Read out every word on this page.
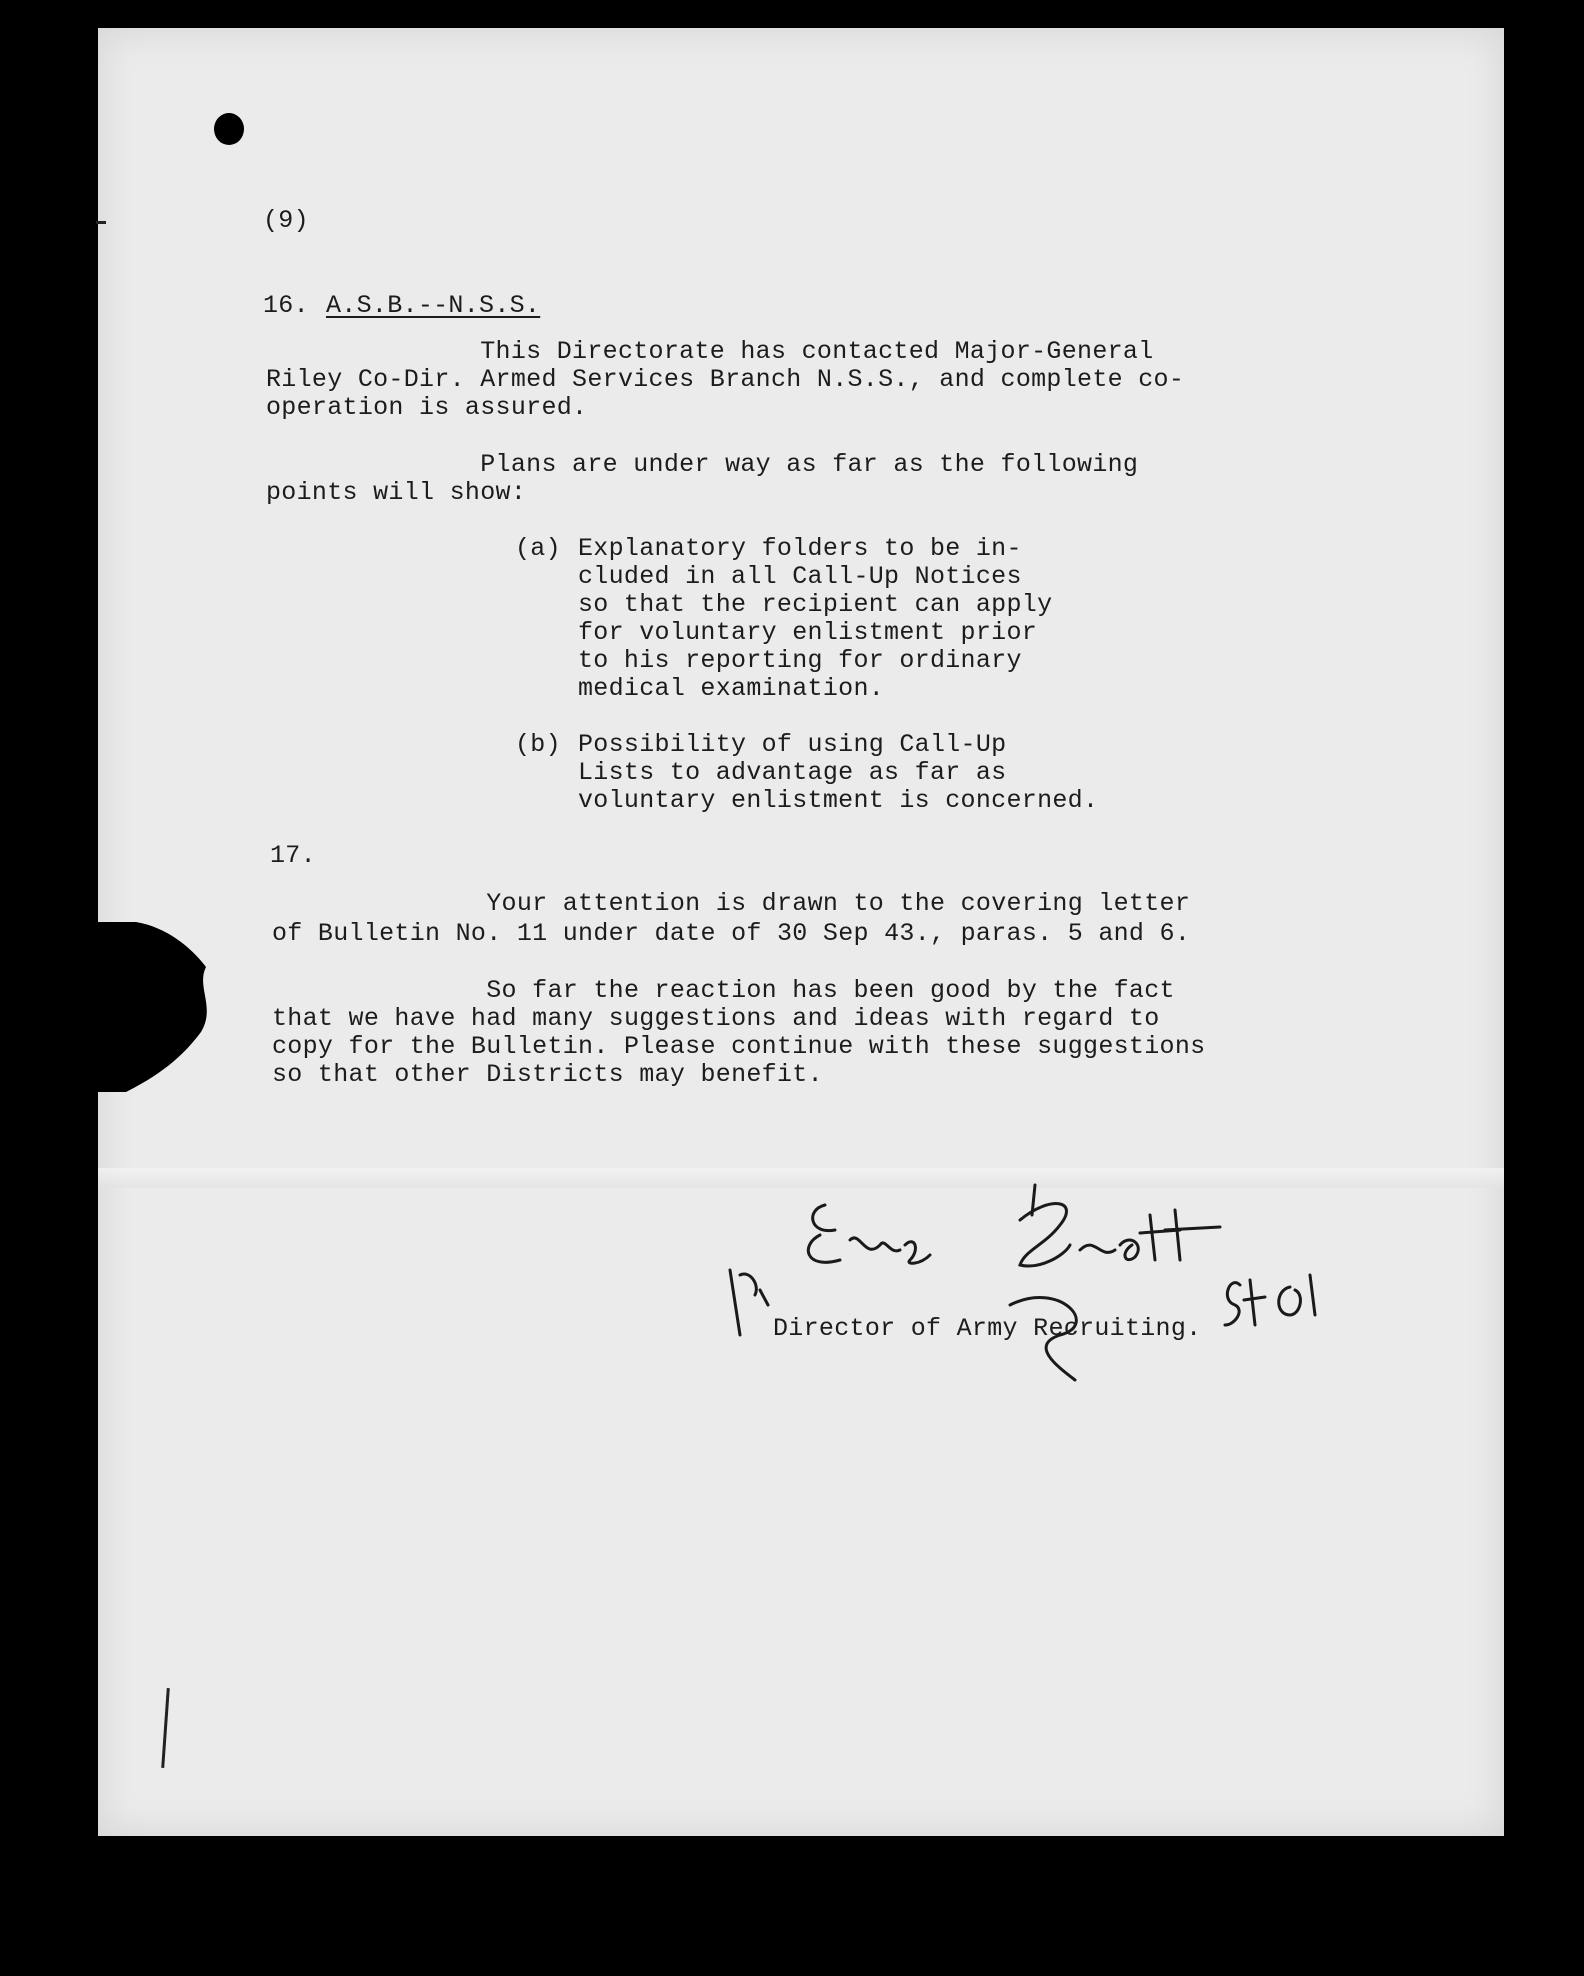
(9)
16. A.S.B.--N.S.S.
This Directorate has contacted Major-General
Riley Co-Dir. Armed Services Branch N.S.S., and complete co-
operation is assured.
Plans are under way as far as the following
points will show:
(a) Explanatory folders to be in-
cluded in all Call-Up Notices
so that the recipient can apply
for voluntary enlistment prior
to his reporting for ordinary
medical examination.
(b) Possibility of using Call-Up
Lists to advantage as far as
voluntary enlistment is concerned.
17.
Your attention is drawn to the covering letter
of Bulletin No. 11 under date of 30 Sep 43., paras. 5 and 6.
So far the reaction has been good by the fact
that we have had many suggestions and ideas with regard to
copy for the Bulletin. Please continue with these suggestions
so that other Districts may benefit.
Director of Army Recruiting.
